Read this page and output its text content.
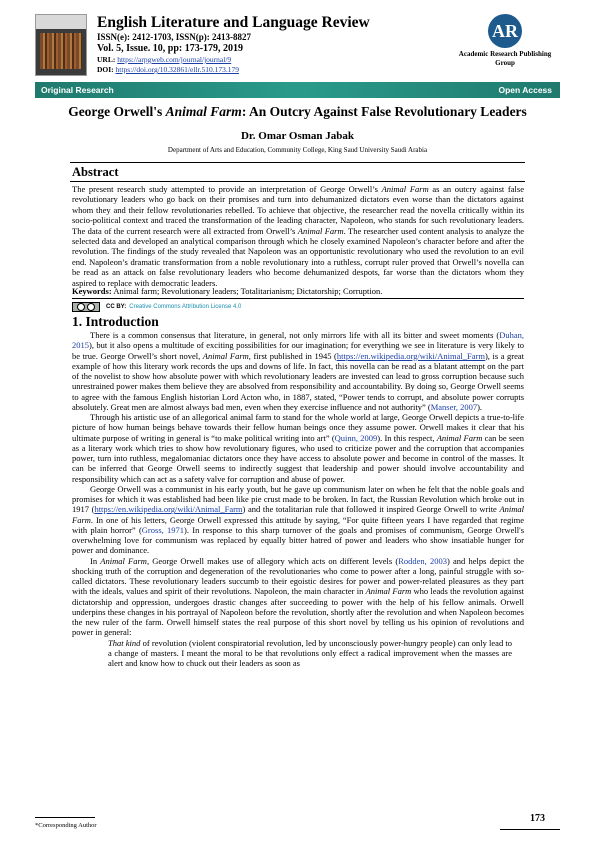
English Literature and Language Review
ISSN(e): 2412-1703, ISSN(p): 2413-8827
Vol. 5, Issue. 10, pp: 173-179, 2019
URL: https://arpgweb.com/journal/journal/9
DOI: https://doi.org/10.32861/ellr.510.173.179
AR
Academic Research Publishing Group
Original Research	Open Access
George Orwell's Animal Farm: An Outcry Against False Revolutionary Leaders
Dr. Omar Osman Jabak
Department of Arts and Education, Community College, King Saud University Saudi Arabia
Abstract
The present research study attempted to provide an interpretation of George Orwell’s Animal Farm as an outcry against false revolutionary leaders who go back on their promises and turn into dehumanized dictators even worse than the dictators against whom they and their fellow revolutionaries rebelled. To achieve that objective, the researcher read the novella critically within its socio-political context and traced the transformation of the leading character, Napoleon, who stands for such revolutionary leaders. The data of the current research were all extracted from Orwell’s Animal Farm. The researcher used content analysis to analyze the selected data and developed an analytical comparison through which he closely examined Napoleon’s character before and after the revolution. The findings of the study revealed that Napoleon was an opportunistic revolutionary who used the revolution to an evil end. Napoleon’s dramatic transformation from a noble revolutionary into a ruthless, corrupt ruler proved that Orwell’s novella can be read as an attack on false revolutionary leaders who become dehumanized despots, far worse than the dictators whom they aspired to replace with democratic leaders.
Keywords: Animal farm; Revolutionary leaders; Totalitarianism; Dictatorship; Corruption.
CC BY: Creative Commons Attribution License 4.0
1. Introduction

There is a common consensus that literature, in general, not only mirrors life with all its bitter and sweet moments (Duhan, 2015), but it also opens a multitude of exciting possibilities for our imagination; for everything we see in literature is very likely to be true. George Orwell’s short novel, Animal Farm, first published in 1945 (https://en.wikipedia.org/wiki/Animal_Farm), is a great example of how this literary work records the ups and downs of life. In fact, this novella can be read as a blatant attempt on the part of the novelist to show how absolute power with which revolutionary leaders are invested can lead to gross corruption because such unrestrained power makes them believe they are absolved from responsibility and accountability. By doing so, George Orwell seems to agree with the famous English historian Lord Acton who, in 1887, stated, “Power tends to corrupt, and absolute power corrupts absolutely. Great men are almost always bad men, even when they exercise influence and not authority” (Manser, 2007).

Through his artistic use of an allegorical animal farm to stand for the whole world at large, George Orwell depicts a true-to-life picture of how human beings behave towards their fellow human beings once they assume power. Orwell makes it clear that his ultimate purpose of writing in general is “to make political writing into art” (Quinn, 2009). In this respect, Animal Farm can be seen as a literary work which tries to show how revolutionary figures, who used to criticize power and the corruption that accompanies power, turn into ruthless, megalomaniac dictators once they have access to absolute power and become in control of the masses. It can be inferred that George Orwell seems to indirectly suggest that leadership and power should involve accountability and responsibility which can act as a safety valve for corruption and abuse of power.

George Orwell was a communist in his early youth, but he gave up communism later on when he felt that the noble goals and promises for which it was established had been like pie crust made to be broken. In fact, the Russian Revolution which broke out in 1917 (https://en.wikipedia.org/wiki/Animal_Farm) and the totalitarian rule that followed it inspired George Orwell to write Animal Farm. In one of his letters, George Orwell expressed this attitude by saying, “For quite fifteen years I have regarded that regime with plain horror” (Gross, 1971). In response to this sharp turnover of the goals and promises of communism, George Orwell's overwhelming love for communism was replaced by equally bitter hatred of power and leaders who show insatiable hunger for power and dominance.

In Animal Farm, George Orwell makes use of allegory which acts on different levels (Rodden, 2003) and helps depict the shocking truth of the corruption and degeneration of the revolutionaries who come to power after a long, painful struggle with so-called dictators. These revolutionary leaders succumb to their egoistic desires for power and power-related pleasures as they part with the ideals, values and spirit of their revolutions. Napoleon, the main character in Animal Farm who leads the revolution against dictatorship and oppression, undergoes drastic changes after succeeding to power with the help of his fellow animals. Orwell underpins these changes in his portrayal of Napoleon before the revolution, shortly after the revolution and when Napoleon becomes the new ruler of the farm. Orwell himself states the real purpose of this short novel by telling us his opinion of revolutions and power in general:

That kind of revolution (violent conspiratorial revolution, led by unconsciously power-hungry people) can only lead to a change of masters. I meant the moral to be that revolutions only effect a radical improvement when the masses are alert and know how to chuck out their leaders as soon as

*Corresponding Author
173
